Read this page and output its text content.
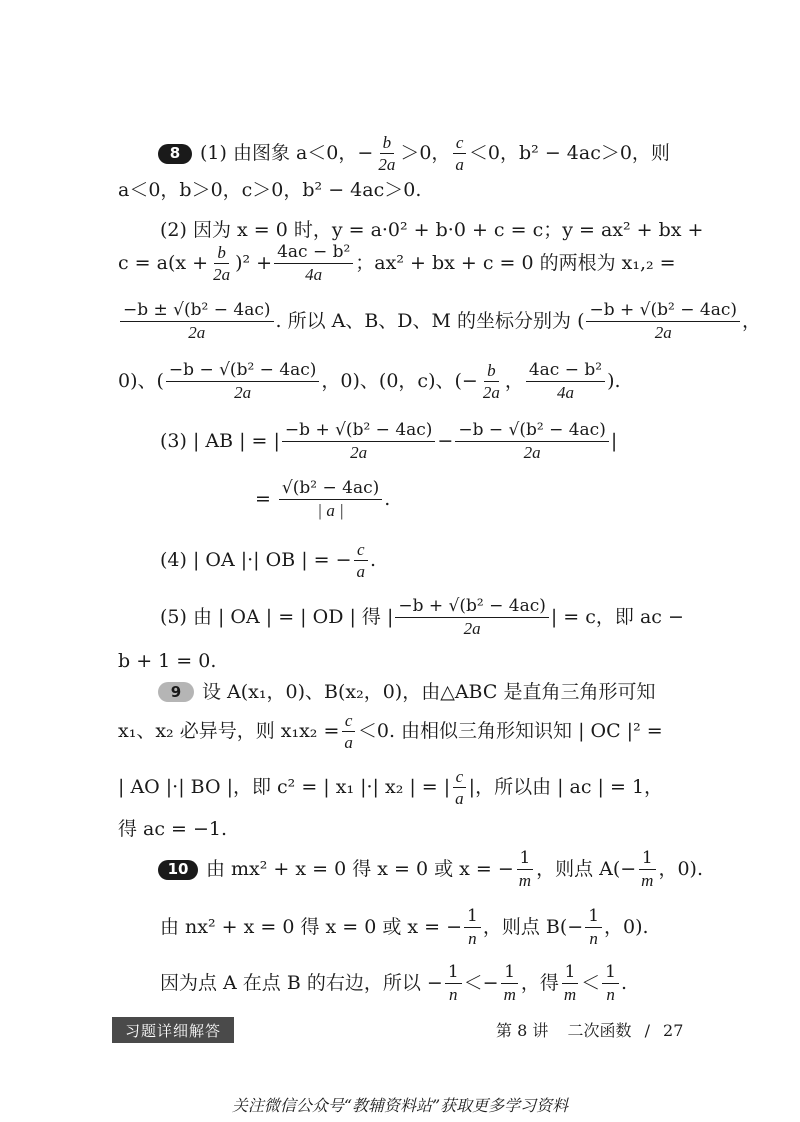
8	(1) 由图象 a＜0，− $\frac{b}{2a} >0$， $\frac{c}{a} <0$，b² − 4ac＞0，则
a＜0，b＞0，c＞0，b² − 4ac＞0.
(2) 因为 x = 0 时，y = a·0² + b·0 + c = c；y = ax² + bx +
$c = a(x + \frac{b}{2a} )^2 + \frac{\text{4ac − b²}}{4a}$ ；ax² + bx + c = 0 的两根为 x₁,₂ =
$\frac{\text{−b ± √(b² − 4ac)}}{2a}$ . 所以 A、B、D、M 的坐标分别为 ( $\frac{\text{−b + √(b² − 4ac)}}{2a}$ ，
0)、( $\frac{\text{−b − √(b² − 4ac)}}{2a}$ ，0)、(0，c)、(− $\frac{b}{2a}$ ， $\frac{\text{4ac − b²}}{4a}$ ).
(3) | AB | = | $\frac{\text{−b + √(b² − 4ac)}}{2a} - \frac{\text{−b − √(b² − 4ac)}}{2a}$ |
= $\frac{\text{√(b² − 4ac)}}{| a |}$ .
(4) | OA |·| OB | = − $\frac{c}{a}$ .
(5) 由 | OA | = | OD | 得 | $\frac{\text{−b + √(b² − 4ac)}}{2a}$ | = c，即 ac −
b + 1 = 0.
9	设 A(x₁，0)、B(x₂，0)，由△ABC 是直角三角形可知
x₁、x₂ 必异号，则 $x_1x_2 = \frac{c}{a} <0$. 由相似三角形知识知 | OC |² =
| AO |·| BO |，即 c² = | x₁ |·| x₂ | = | $\frac{c}{a}$ |，所以由 | ac | = 1，
得 ac = −1.
10 由 mx² + x = 0 得 x = 0 或 x = − $\frac{1}{m}$ ，则点 $A(- \frac{1}{m}$ ，0).
由 nx² + x = 0 得 x = 0 或 x = − $\frac{1}{n}$ ，则点 $B(- \frac{1}{n}$ ，0).
因为点 A 在点 B 的右边，所以 − $\frac{1}{n} <- \frac{1}{m}$ ，得 $\frac{1}{m} < \frac{1}{n}$ .
习题详细解答	第 8 讲 二次函数 / 27
关注微信公众号“教辅资料站”获取更多学习资料
